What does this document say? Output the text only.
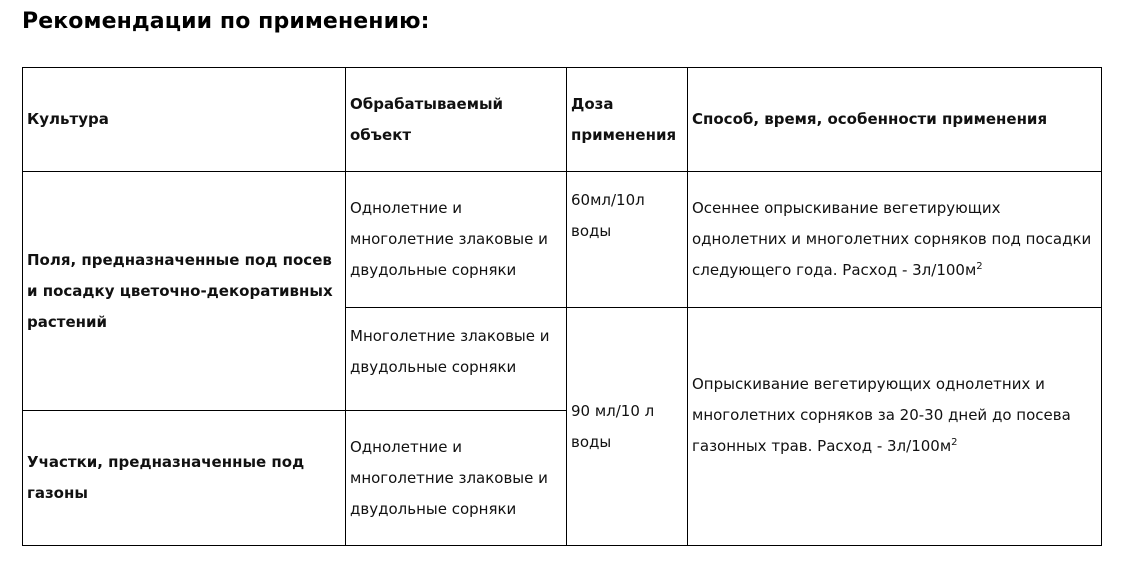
Рекомендации по применению:
Культура	Обрабатываемый объект	Доза применения	Способ, время, особенности применения
Поля, предназначенные под посев и посадку цветочно-декоративных растений	Однолетние и многолетние злаковые и двудольные сорняки	60мл/10л воды	Осеннее опрыскивание вегетирующих однолетних и многолетних сорняков под посадки следующего года. Расход - $3л/100м^2$
	Многолетние злаковые и двудольные сорняки	90 мл/10 л воды	Опрыскивание вегетирующих однолетних и многолетних сорняков за 20-30 дней до посева газонных трав. Расход - $3л/100м^2$
Участки, предназначенные под газоны	Однолетние и многолетние злаковые и двудольные сорняки		
